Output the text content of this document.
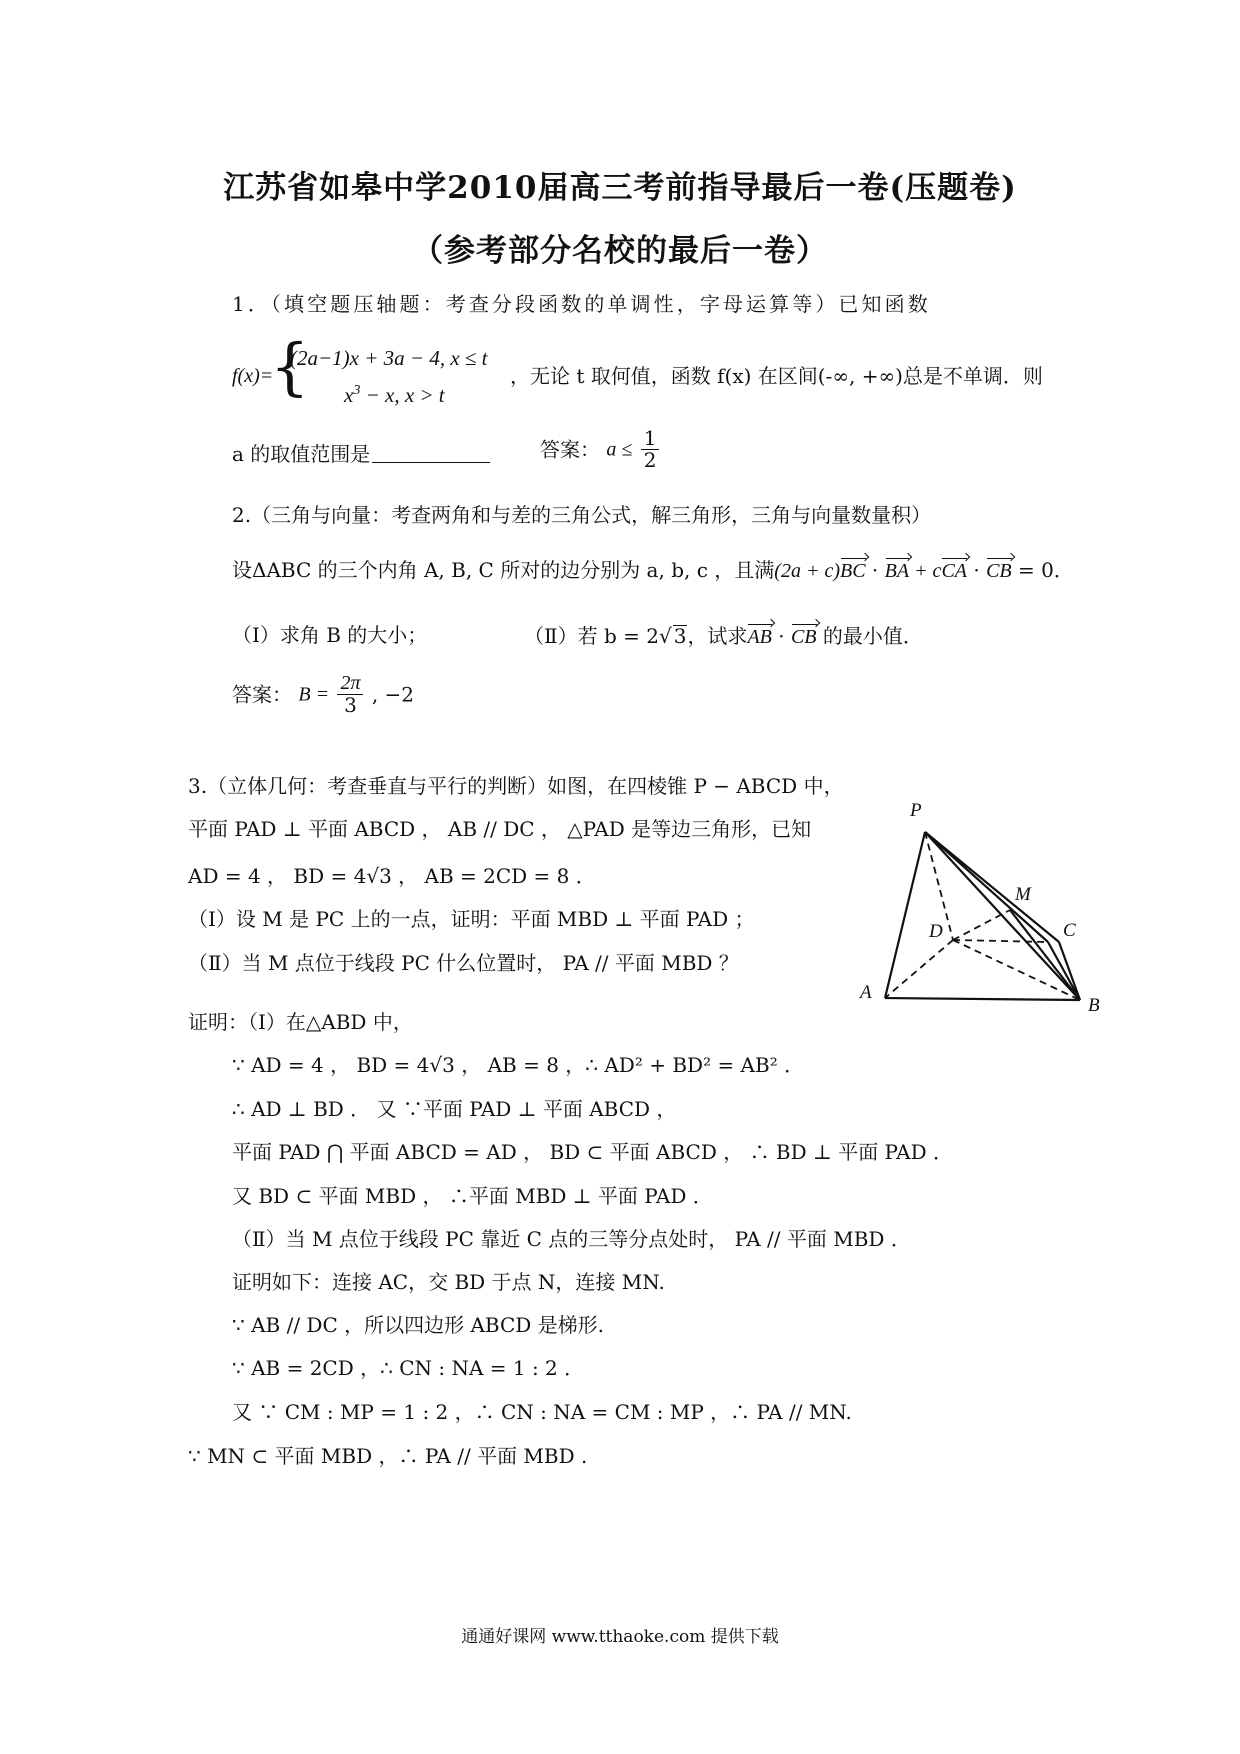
江苏省如皋中学2010届高三考前指导最后一卷(压题卷)
（参考部分名校的最后一卷）
1．（填空题压轴题：考查分段函数的单调性，字母运算等）已知函数
f(x)=
{
(2a−1)x + 3a − 4, x ≤ t
$x^3 - x$, x > t
，无论 t 取何值，函数 f(x) 在区间(-∞, +∞)总是不单调．则
a 的取值范围是	答案： $a \le \frac{1}{2}$
2.（三角与向量：考查两角和与差的三角公式，解三角形，三角与向量数量积）
设ΔABC 的三个内角 A, B, C 所对的边分别为 a, b, c ，且满(2a + c)BC · BA + cCA · CB = 0．
（Ⅰ）求角 B 的大小；	（Ⅱ）若 b = 2√ 3，试求AB · CB 的最小值．
答案： $B = \frac{2\pi}{3}$ , −2
3.（立体几何：考查垂直与平行的判断）如图，在四棱锥 P − ABCD 中，
平面 PAD ⊥ 平面 ABCD ， AB // DC ， △PAD 是等边三角形，已知
AD = 4 ， BD = 4√3 ， AB = 2CD = 8 ．
（Ⅰ）设 M 是 PC 上的一点，证明：平面 MBD ⊥ 平面 PAD ；
（Ⅱ）当 M 点位于线段 PC 什么位置时， PA // 平面 MBD ？
P
M
D	C
A
B
证明：（Ⅰ）在△ABD 中，
∵ AD = 4 ， BD = 4√3 ， AB = 8 ，∴ AD² + BD² = AB² ．
∴ AD ⊥ BD ． 又 ∵平面 PAD ⊥ 平面 ABCD ，
平面 PAD ⋂ 平面 ABCD = AD ， BD ⊂ 平面 ABCD ， ∴ BD ⊥ 平面 PAD ．
又 BD ⊂ 平面 MBD ， ∴平面 MBD ⊥ 平面 PAD ．
（Ⅱ）当 M 点位于线段 PC 靠近 C 点的三等分点处时， PA // 平面 MBD ．
证明如下：连接 AC，交 BD 于点 N，连接 MN.
∵ AB // DC ，所以四边形 ABCD 是梯形.
∵ AB = 2CD ，∴ CN : NA = 1 : 2 ．
又 ∵ CM : MP = 1 : 2 ，∴ CN : NA = CM : MP ，∴ PA // MN.
∵ MN ⊂ 平面 MBD ，∴ PA // 平面 MBD .
通通好课网 www.tthaoke.com 提供下载
